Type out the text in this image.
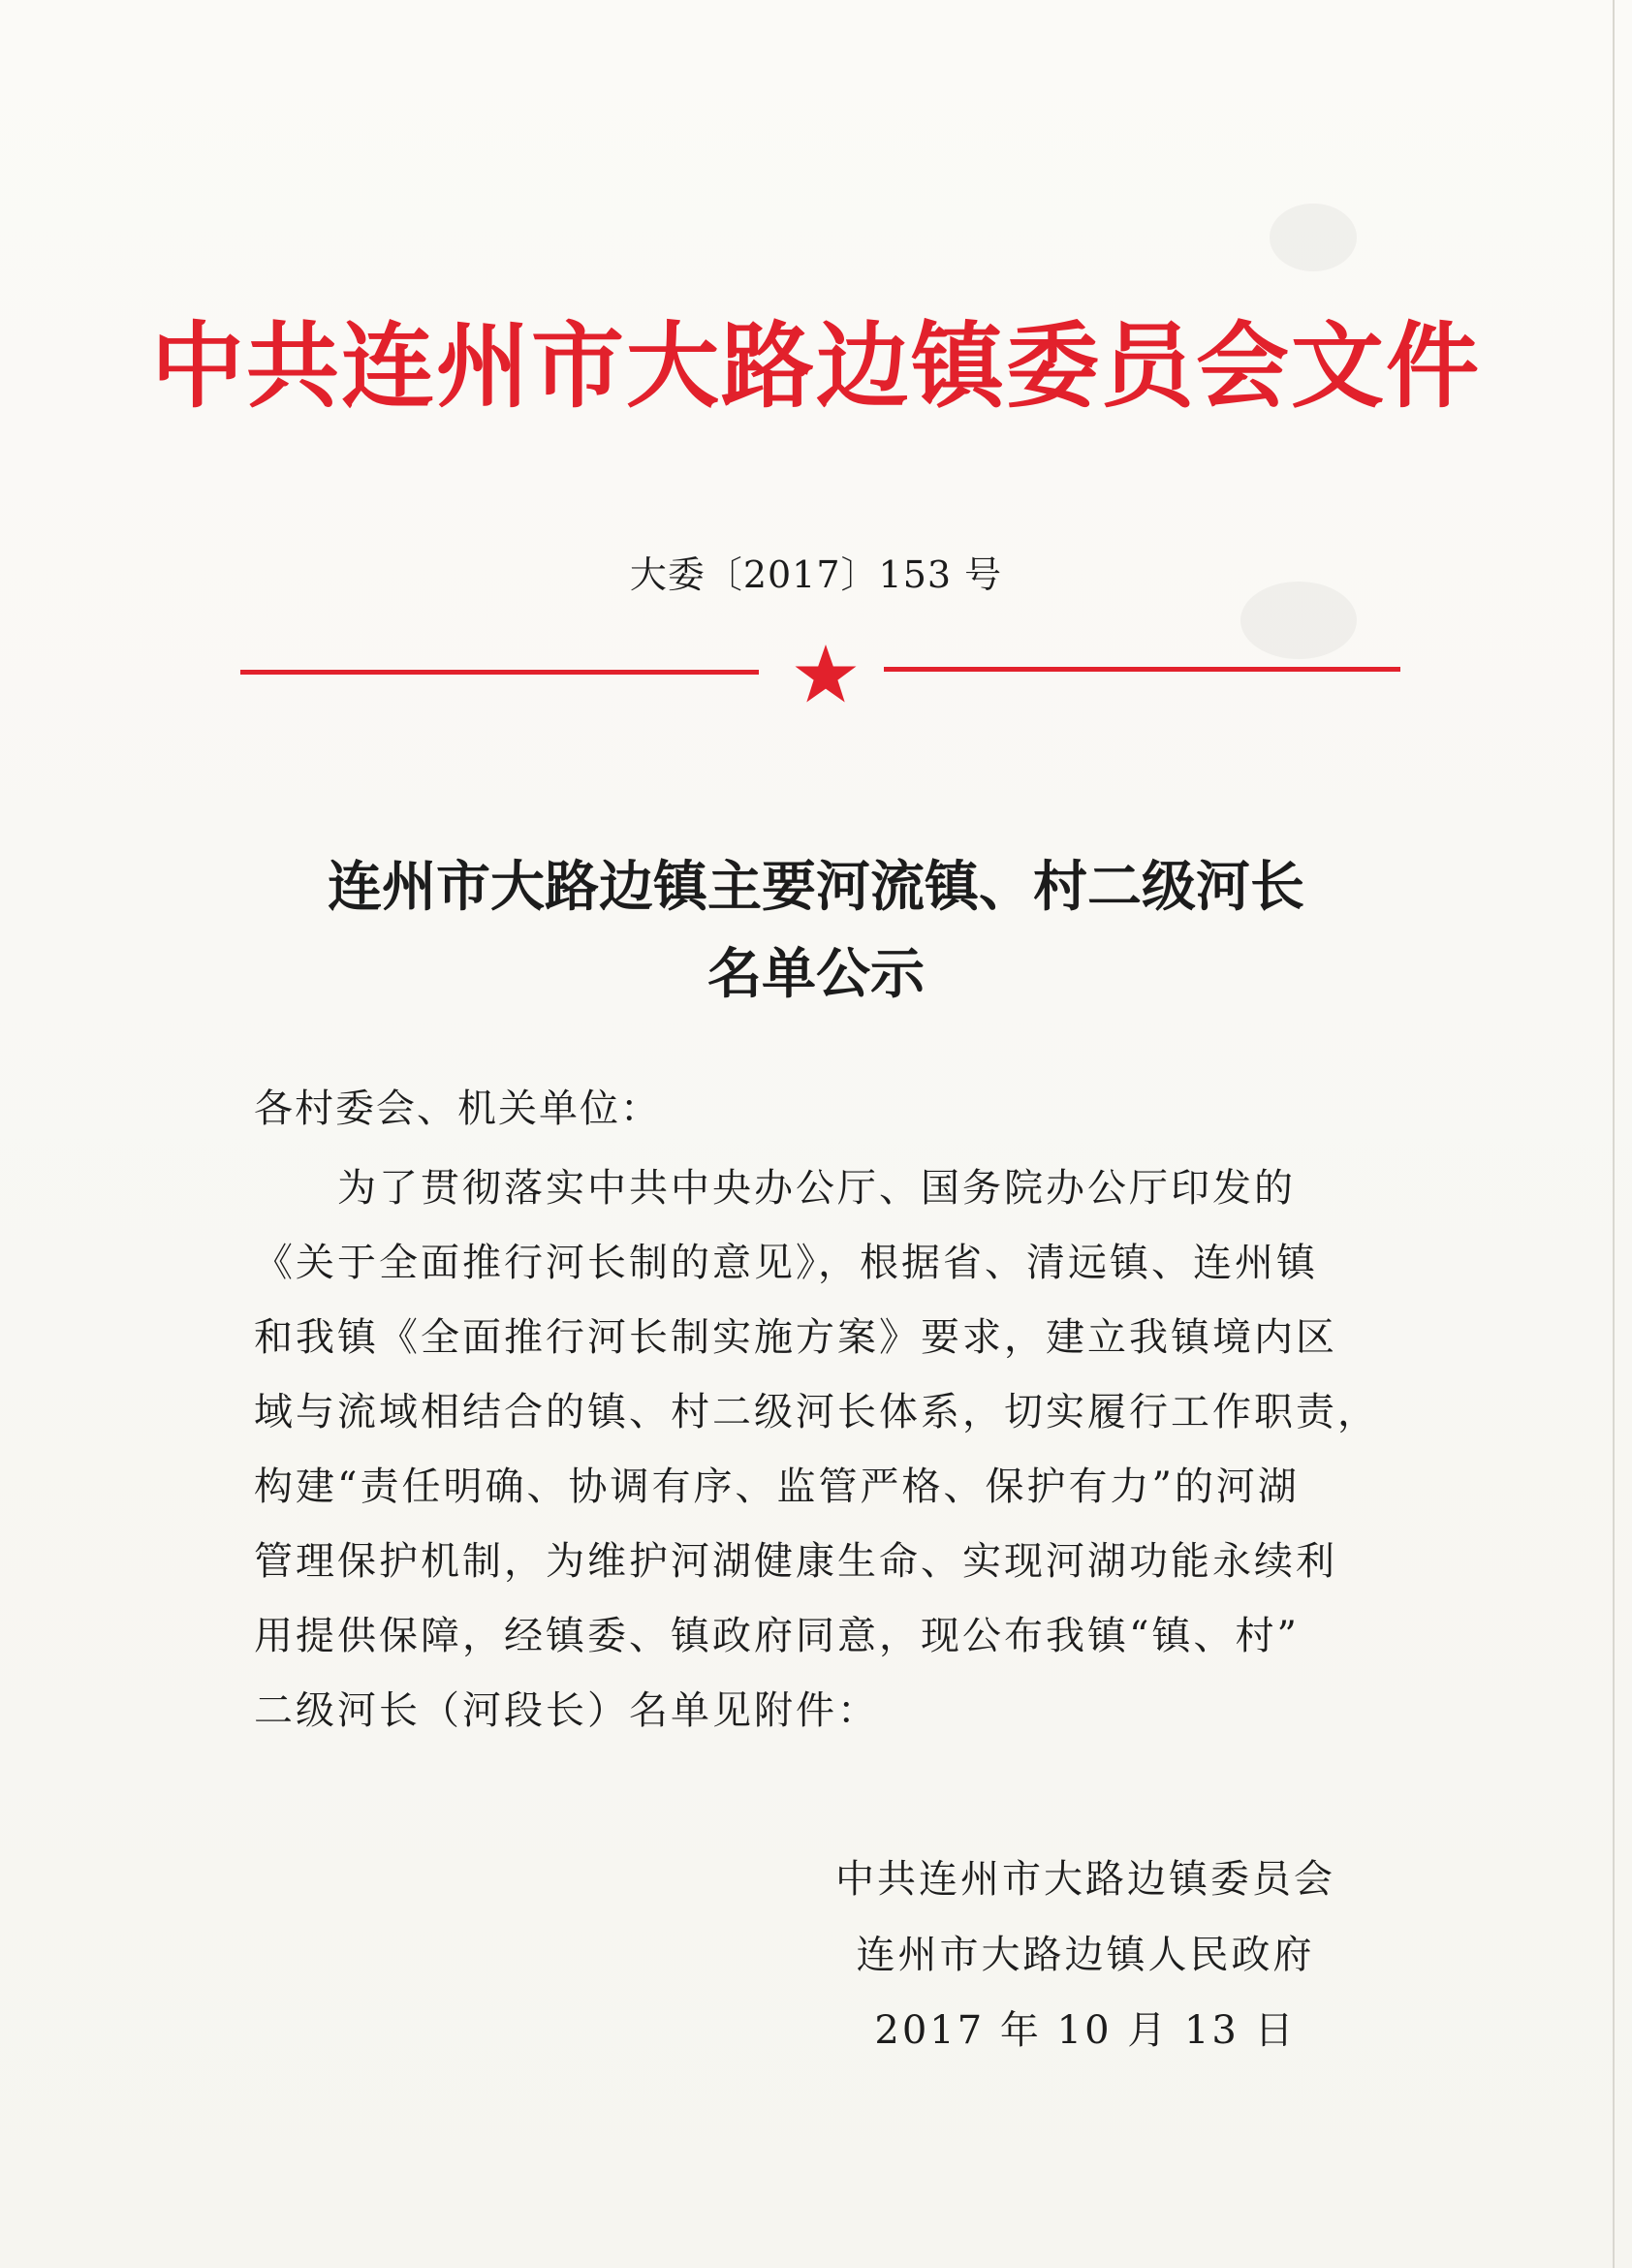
中共连州市大路边镇委员会文件
大委〔2017〕153 号
连州市大路边镇主要河流镇、村二级河长
名单公示
各村委会、机关单位：
为了贯彻落实中共中央办公厅、国务院办公厅印发的
《关于全面推行河长制的意见》，根据省、清远镇、连州镇
和我镇《全面推行河长制实施方案》要求，建立我镇境内区
域与流域相结合的镇、村二级河长体系，切实履行工作职责，
构建“责任明确、协调有序、监管严格、保护有力”的河湖
管理保护机制，为维护河湖健康生命、实现河湖功能永续利
用提供保障，经镇委、镇政府同意，现公布我镇“镇、村”
二级河长（河段长）名单见附件：
中共连州市大路边镇委员会
连州市大路边镇人民政府
2017 年 10 月 13 日
